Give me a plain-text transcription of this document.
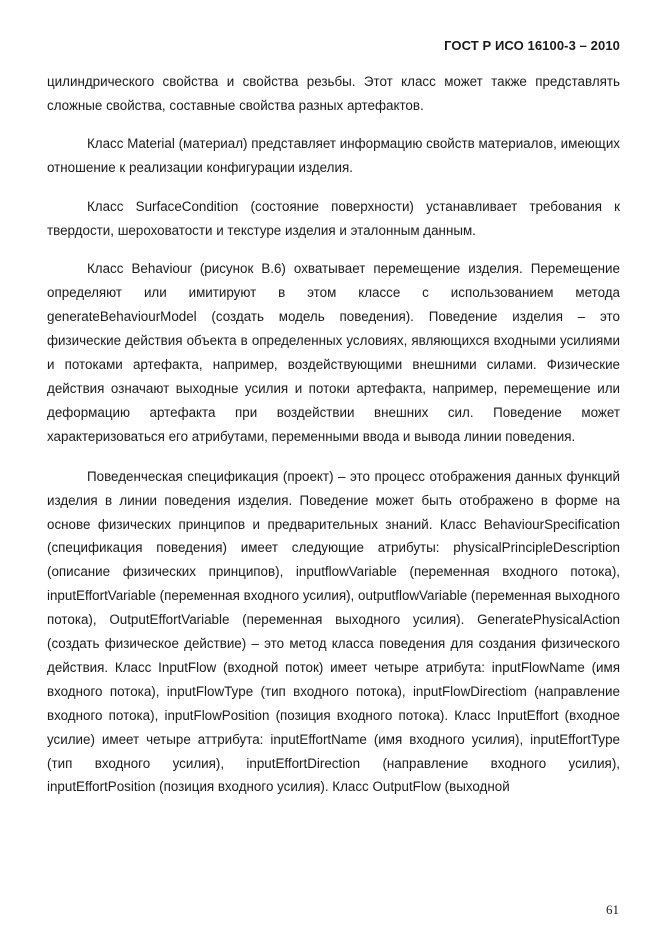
ГОСТ Р ИСО 16100-3 – 2010

цилиндрического свойства и свойства резьбы. Этот класс может также представлять сложные свойства, составные свойства разных артефактов.

Класс Material (материал) представляет информацию свойств материалов, имеющих отношение к реализации конфигурации изделия.

Класс SurfaceCondition (состояние поверхности) устанавливает требования к твердости, шероховатости и текстуре изделия и эталонным данным.

Класс Behaviour (рисунок В.6) охватывает перемещение изделия. Перемещение определяют или имитируют в этом классе с использованием метода generateBehaviourModel (создать модель поведения). Поведение изделия – это физические действия объекта в определенных условиях, являющихся входными усилиями и потоками артефакта, например, воздействующими внешними силами. Физические действия означают выходные усилия и потоки артефакта, например, перемещение или деформацию артефакта при воздействии внешних сил. Поведение может характеризоваться его атрибутами, переменными ввода и вывода линии поведения.

Поведенческая спецификация (проект) – это процесс отображения данных функций изделия в линии поведения изделия. Поведение может быть отображено в форме на основе физических принципов и предварительных знаний. Класс BehaviourSpecification (спецификация поведения) имеет следующие атрибуты: physicalPrincipleDescription (описание физических принципов), inputflowVariable (переменная входного потока), inputEffortVariable (переменная входного усилия), outputflowVariable (переменная выходного потока), OutputEffortVariable (переменная выходного усилия). GeneratePhysicalAction (создать физическое действие) – это метод класса поведения для создания физического действия. Класс InputFlow (входной поток) имеет четыре атрибута: inputFlowName (имя входного потока), inputFlowType (тип входного потока), inputFlowDirectiom (направление входного потока), inputFlowPosition (позиция входного потока). Класс InputEffort (входное усилие) имеет четыре аттрибута: inputEffortName (имя входного усилия), inputEffortType (тип входного усилия), inputEffortDirection (направление входного усилия), inputEffortPosition (позиция входного усилия). Класс OutputFlow (выходной

61
